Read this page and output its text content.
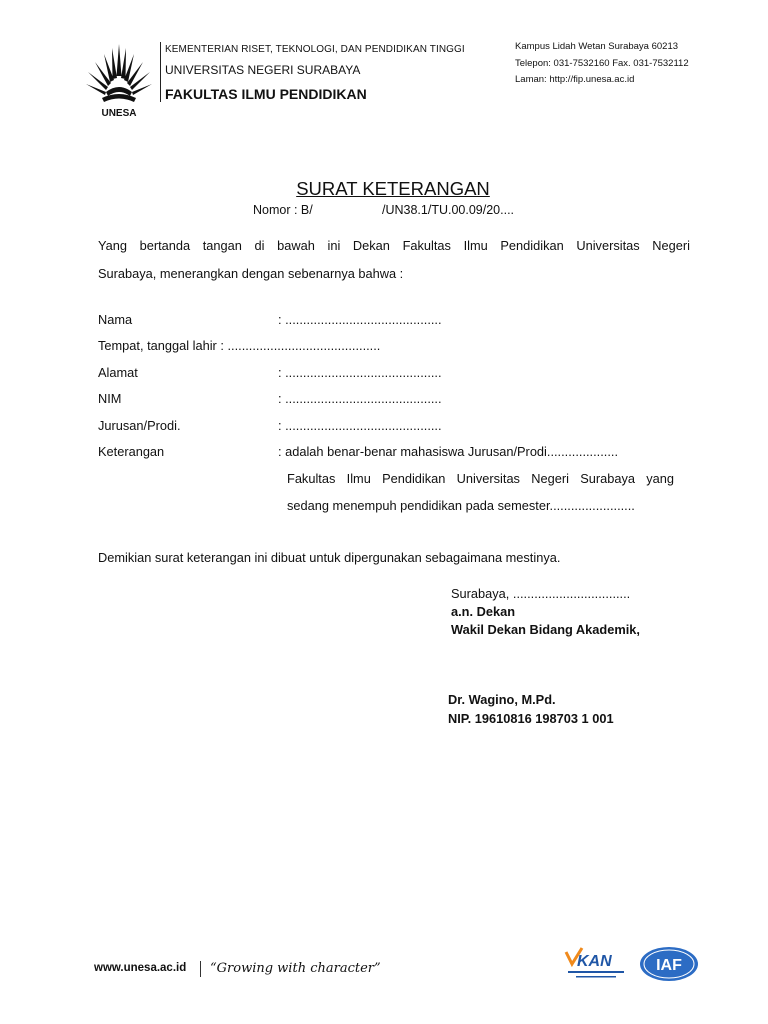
UNESA
KEMENTERIAN RISET, TEKNOLOGI, DAN PENDIDIKAN TINGGI
UNIVERSITAS NEGERI SURABAYA
FAKULTAS ILMU PENDIDIKAN
Kampus Lidah Wetan Surabaya 60213
Telepon: 031-7532160 Fax. 031-7532112
Laman: http://fip.unesa.ac.id
SURAT KETERANGAN
Nomor : B/	/UN38.1/TU.00.09/20....
Yang bertanda tangan di bawah ini Dekan Fakultas Ilmu Pendidikan Universitas Negeri
Surabaya, menerangkan dengan sebenarnya bahwa :
Nama	: ............................................
Tempat, tanggal lahir : ...........................................
Alamat	: ............................................
NIM	: ............................................
Jurusan/Prodi.	: ............................................
Keterangan	: adalah benar-benar mahasiswa Jurusan/Prodi....................
Fakultas Ilmu Pendidikan Universitas Negeri Surabaya yang
sedang menempuh pendidikan pada semester........................
Demikian surat keterangan ini dibuat untuk dipergunakan sebagaimana mestinya.
Surabaya, .................................
a.n. Dekan
Wakil Dekan Bidang Akademik,
Dr. Wagino, M.Pd.
NIP. 19610816 198703 1 001
www.unesa.ac.id “Growing with character”	KAN	IAF
